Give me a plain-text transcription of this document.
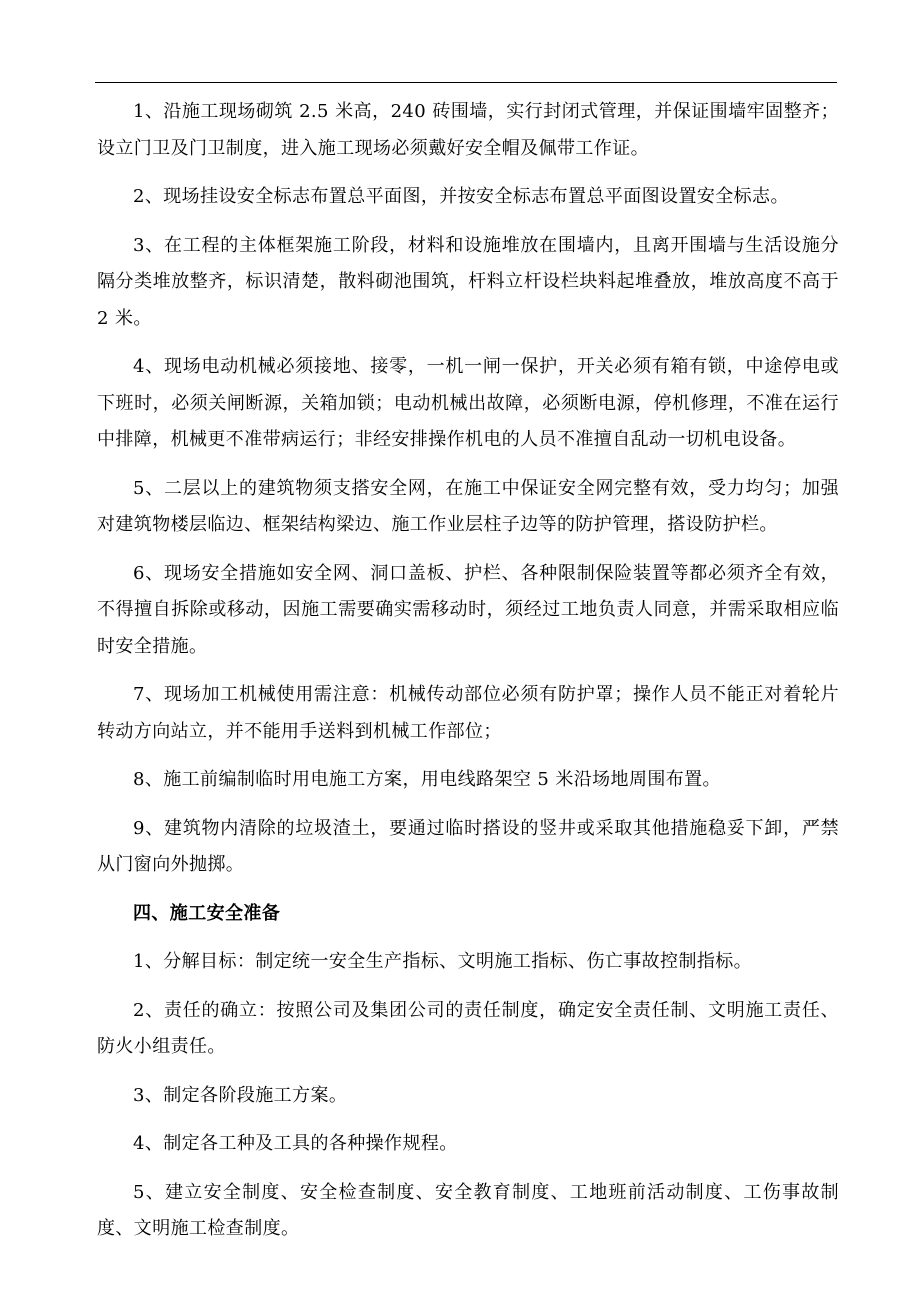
1、沿施工现场砌筑 2.5 米高，240 砖围墙，实行封闭式管理，并保证围墙牢固整齐；设立门卫及门卫制度，进入施工现场必须戴好安全帽及佩带工作证。

2、现场挂设安全标志布置总平面图，并按安全标志布置总平面图设置安全标志。

3、在工程的主体框架施工阶段，材料和设施堆放在围墙内，且离开围墙与生活设施分隔分类堆放整齐，标识清楚，散料砌池围筑，杆料立杆设栏块料起堆叠放，堆放高度不高于 2 米。

4、现场电动机械必须接地、接零，一机一闸一保护，开关必须有箱有锁，中途停电或下班时，必须关闸断源，关箱加锁；电动机械出故障，必须断电源，停机修理，不准在运行中排障，机械更不准带病运行；非经安排操作机电的人员不准擅自乱动一切机电设备。

5、二层以上的建筑物须支搭安全网，在施工中保证安全网完整有效，受力均匀；加强对建筑物楼层临边、框架结构梁边、施工作业层柱子边等的防护管理，搭设防护栏。

6、现场安全措施如安全网、洞口盖板、护栏、各种限制保险装置等都必须齐全有效，不得擅自拆除或移动，因施工需要确实需移动时，须经过工地负责人同意，并需采取相应临时安全措施。

7、现场加工机械使用需注意：机械传动部位必须有防护罩；操作人员不能正对着轮片转动方向站立，并不能用手送料到机械工作部位；

8、施工前编制临时用电施工方案，用电线路架空 5 米沿场地周围布置。

9、建筑物内清除的垃圾渣土，要通过临时搭设的竖井或采取其他措施稳妥下卸，严禁从门窗向外抛掷。

四、施工安全准备

1、分解目标：制定统一安全生产指标、文明施工指标、伤亡事故控制指标。

2、责任的确立：按照公司及集团公司的责任制度，确定安全责任制、文明施工责任、防火小组责任。

3、制定各阶段施工方案。

4、制定各工种及工具的各种操作规程。

5、建立安全制度、安全检查制度、安全教育制度、工地班前活动制度、工伤事故制度、文明施工检查制度。
